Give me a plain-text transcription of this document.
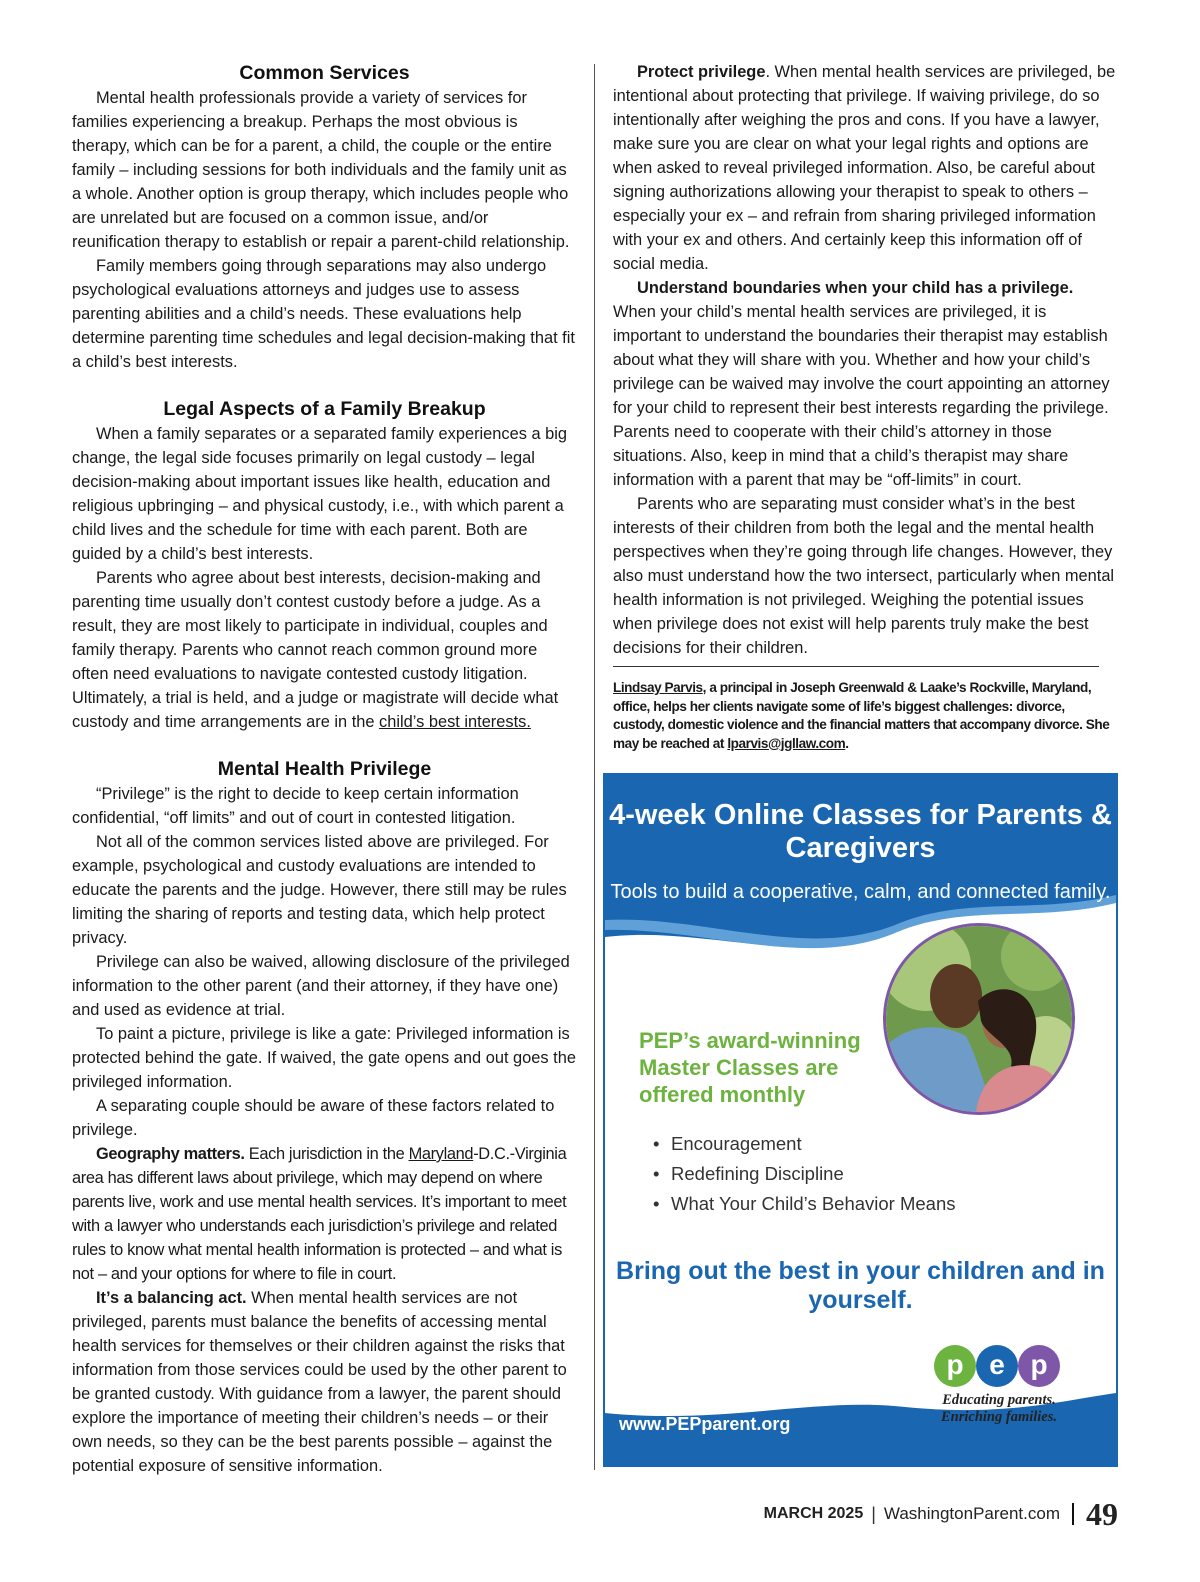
Common Services

Mental health professionals provide a variety of services for families experiencing a breakup. Perhaps the most obvious is therapy, which can be for a parent, a child, the couple or the entire family – including sessions for both individuals and the family unit as a whole. Another option is group therapy, which includes people who are unrelated but are focused on a common issue, and/or reunification therapy to establish or repair a parent-child relationship.

Family members going through separations may also undergo psychological evaluations attorneys and judges use to assess parenting abilities and a child’s needs. These evaluations help determine parenting time schedules and legal decision-making that fit a child’s best interests.

Legal Aspects of a Family Breakup

When a family separates or a separated family experiences a big change, the legal side focuses primarily on legal custody – legal decision-making about important issues like health, education and religious upbringing – and physical custody, i.e., with which parent a child lives and the schedule for time with each parent. Both are guided by a child’s best interests.

Parents who agree about best interests, decision-making and parenting time usually don’t contest custody before a judge. As a result, they are most likely to participate in individual, couples and family therapy. Parents who cannot reach common ground more often need evaluations to navigate contested custody litigation. Ultimately, a trial is held, and a judge or magistrate will decide what custody and time arrangements are in the child’s best interests.

Mental Health Privilege

“Privilege” is the right to decide to keep certain information confidential, “off limits” and out of court in contested litigation.

Not all of the common services listed above are privileged. For example, psychological and custody evaluations are intended to educate the parents and the judge. However, there still may be rules limiting the sharing of reports and testing data, which help protect privacy.

Privilege can also be waived, allowing disclosure of the privileged information to the other parent (and their attorney, if they have one) and used as evidence at trial.

To paint a picture, privilege is like a gate: Privileged information is protected behind the gate. If waived, the gate opens and out goes the privileged information.

A separating couple should be aware of these factors related to privilege.

Geography matters. Each jurisdiction in the Maryland-D.C.-Virginia area has different laws about privilege, which may depend on where parents live, work and use mental health services. It’s important to meet with a lawyer who understands each jurisdiction’s privilege and related rules to know what mental health information is protected – and what is not – and your options for where to file in court.

It’s a balancing act. When mental health services are not privileged, parents must balance the benefits of accessing mental health services for themselves or their children against the risks that information from those services could be used by the other parent to be granted custody. With guidance from a lawyer, the parent should explore the importance of meeting their children’s needs – or their own needs, so they can be the best parents possible – against the potential exposure of sensitive information.

Protect privilege. When mental health services are privileged, be intentional about protecting that privilege. If waiving privilege, do so intentionally after weighing the pros and cons. If you have a lawyer, make sure you are clear on what your legal rights and options are when asked to reveal privileged information. Also, be careful about signing authorizations allowing your therapist to speak to others – especially your ex – and refrain from sharing privileged information with your ex and others. And certainly keep this information off of social media.

Understand boundaries when your child has a privilege. When your child’s mental health services are privileged, it is important to understand the boundaries their therapist may establish about what they will share with you. Whether and how your child’s privilege can be waived may involve the court appointing an attorney for your child to represent their best interests regarding the privilege. Parents need to cooperate with their child’s attorney in those situations. Also, keep in mind that a child’s therapist may share information with a parent that may be “off-limits” in court.

Parents who are separating must consider what’s in the best interests of their children from both the legal and the mental health perspectives when they’re going through life changes. However, they also must understand how the two intersect, particularly when mental health information is not privileged. Weighing the potential issues when privilege does not exist will help parents truly make the best decisions for their children.

Lindsay Parvis, a principal in Joseph Greenwald & Laake’s Rockville, Maryland, office, helps her clients navigate some of life’s biggest challenges: divorce, custody, domestic violence and the financial matters that accompany divorce. She may be reached at lparvis@jgllaw.com.

4-week Online Classes for Parents & Caregivers
Tools to build a cooperative, calm, and connected family.
PEP’s award-winning Master Classes are offered monthly
• Encouragement
• Redefining Discipline
• What Your Child’s Behavior Means
Bring out the best in your children and in yourself.
p e p
Educating parents. Enriching families.
www.PEPparent.org
MARCH 2025 | WashingtonParent.com 49
